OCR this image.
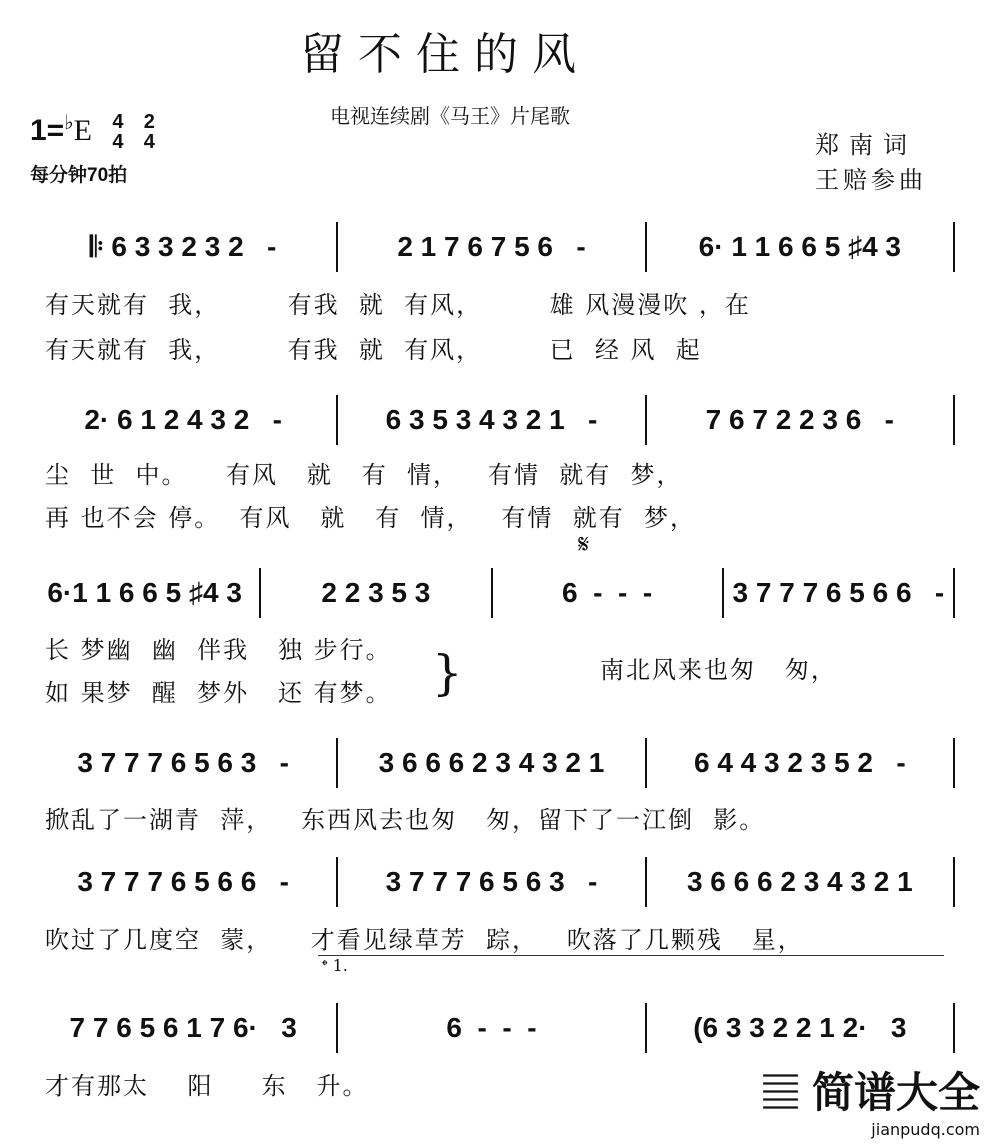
留不住的风
1=♭E 4
4

2
4
每分钟70拍
电视连续剧《马王》片尾歌
郑南词
王赔参曲
𝄋
}
𝄌 1.
𝄆 6 3 3 2 3 2   -	2 1 7 6 7 5 6   -	6· 1 1 6 6 5 ♯4 3
有天就有  我，       有我  就  有风，       雄 风漫漫吹 ，在
有天就有  我，       有我  就  有风，       已  经 风  起
2· 6 1 2 4 3 2   -	6 3 5 3 4 3 2 1   -	7 6 7 2 2 3 6   -
尘  世  中。    有风   就   有  情，   有情  就有  梦，
再 也不会 停。  有风   就   有  情，   有情  就有  梦，
6·1 1 6 6 5 ♯4 3	2 2 3 5 3	6  -  -  -	3 7 7 7 6 5 6 6   -
长 梦幽  幽  伴我   独 步行。
如 果梦  醒  梦外   还 有梦。
南北风来也匆   匆，
3 7 7 7 6 5 6 3   -	3 6 6 6 2 3 4 3 2 1	6 4 4 3 2 3 5 2   -
掀乱了一湖青  萍，   东西风去也匆   匆，留下了一江倒  影。
3 7 7 7 6 5 6 6   -	3 7 7 7 6 5 6 3   -	3 6 6 6 2 3 4 3 2 1
吹过了几度空  蒙，    才看见绿草芳  踪，   吹落了几颗残   星，
7 7 6 5 6 1 7 6·   3	6  -  -  -	(6 3 3 2 2 1 2·   3
才有那太    阳     东   升。	𝄚 简谱大全
jianpudq.com
